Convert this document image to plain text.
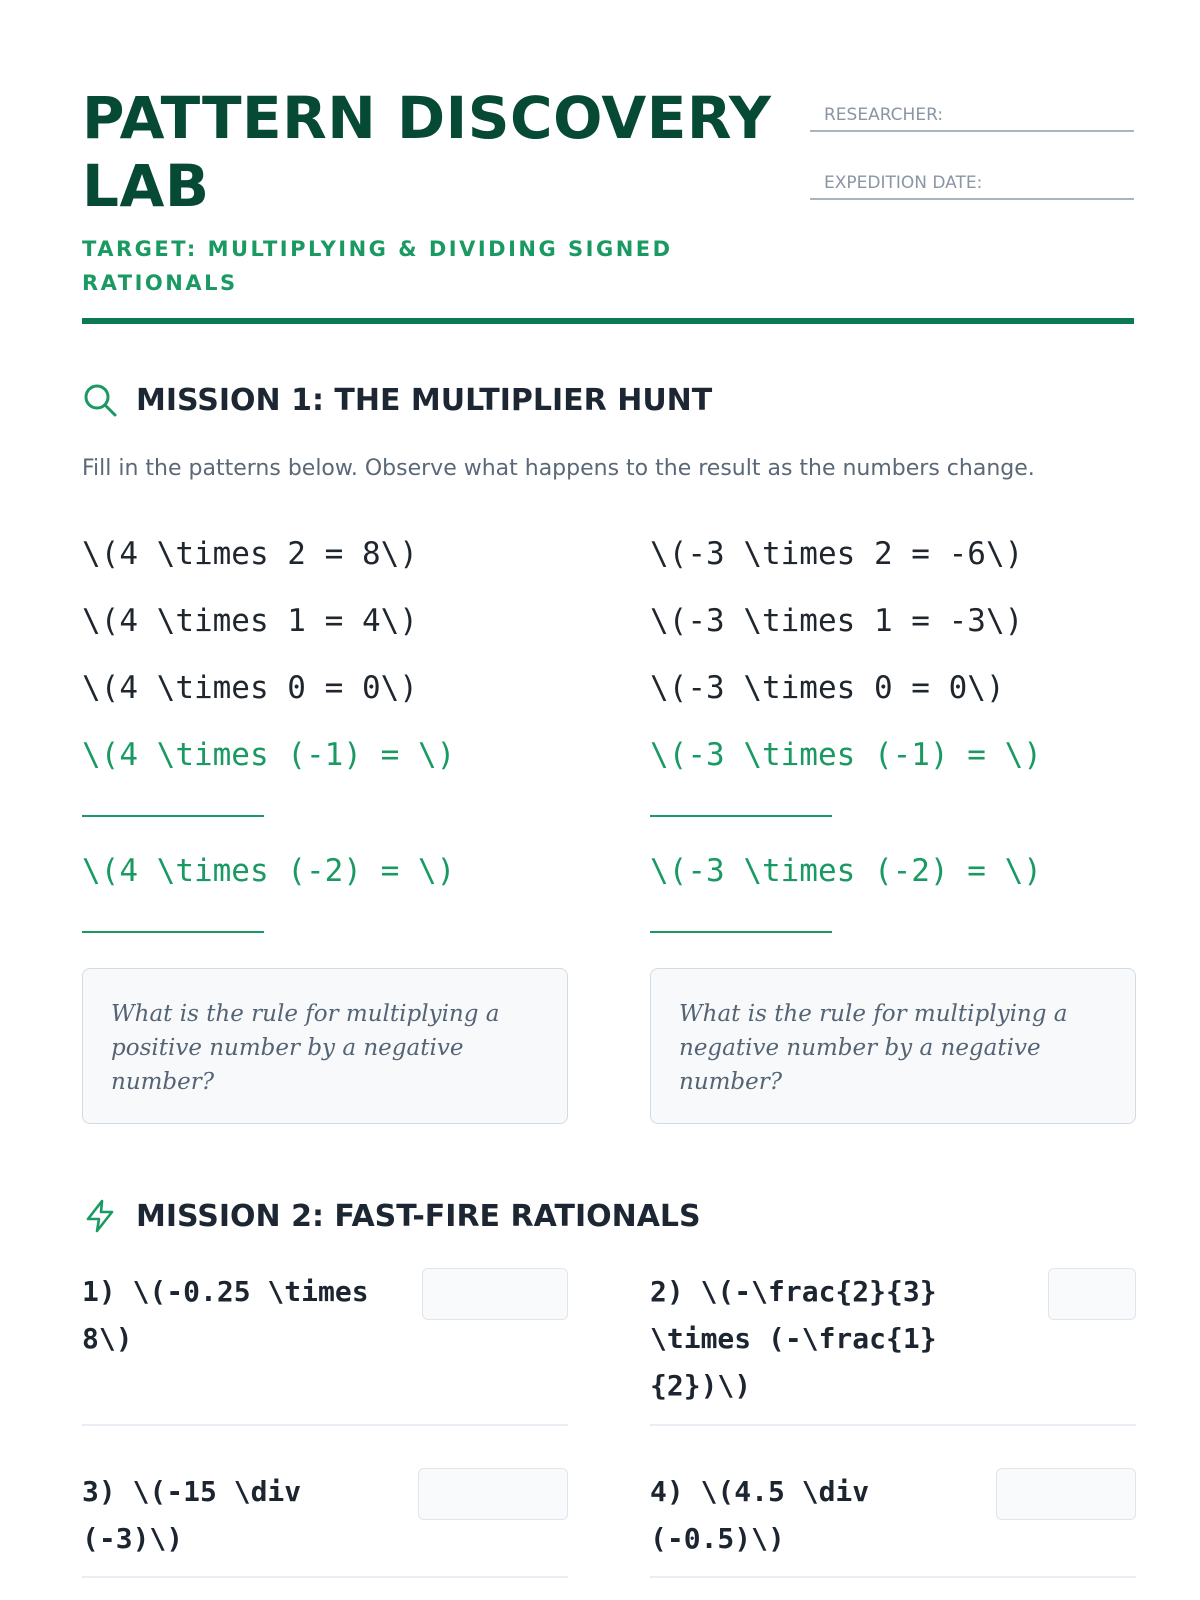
PATTERN DISCOVERY
LAB
TARGET: MULTIPLYING & DIVIDING SIGNED
RATIONALS
RESEARCHER:
EXPEDITION DATE:
MISSION 1: THE MULTIPLIER HUNT
Fill in the patterns below. Observe what happens to the result as the numbers change.
\(4 \times 2 = 8\)
\(4 \times 1 = 4\)
\(4 \times 0 = 0\)
\(4 \times (-1) = \)
\(4 \times (-2) = \)
\(-3 \times 2 = -6\)
\(-3 \times 1 = -3\)
\(-3 \times 0 = 0\)
\(-3 \times (-1) = \)
\(-3 \times (-2) = \)
What is the rule for multiplying a positive number by a negative number?
What is the rule for multiplying a negative number by a negative number?
MISSION 2: FAST-FIRE RATIONALS
1) \(-0.25 \times
8\)
2) \(-\frac{2}{3}
\times (-\frac{1}
{2})\)
3) \(-15 \div
(-3)\)
4) \(4.5 \div
(-0.5)\)
